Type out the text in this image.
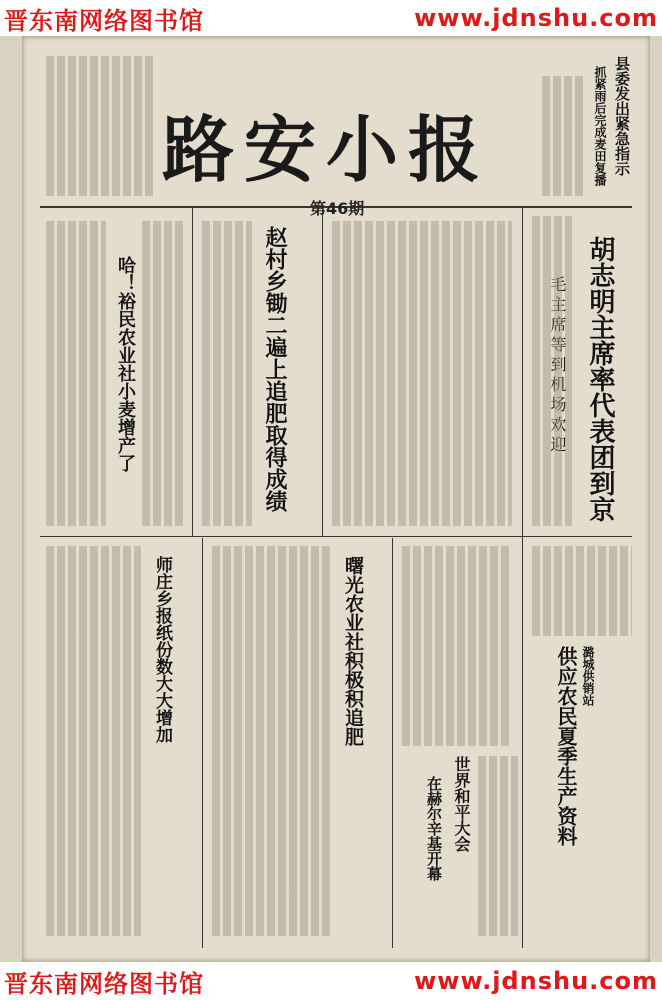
晋东南网络图书馆	www.jdnshu.com
路安小报
第46期
县委发出紧急指示
抓紧雨后完成麦田复播
胡志明主席率代表团到京
毛主席等到机场欢迎
赵村乡锄二遍上追肥取得成绩
哈！裕民农业社小麦增产了
曙光农业社积极积追肥
师庄乡报纸份数大大增加	潞城供销站
供应农民夏季生产资料
世界和平大会
在赫尔辛基开幕
晋东南网络图书馆	www.jdnshu.com
